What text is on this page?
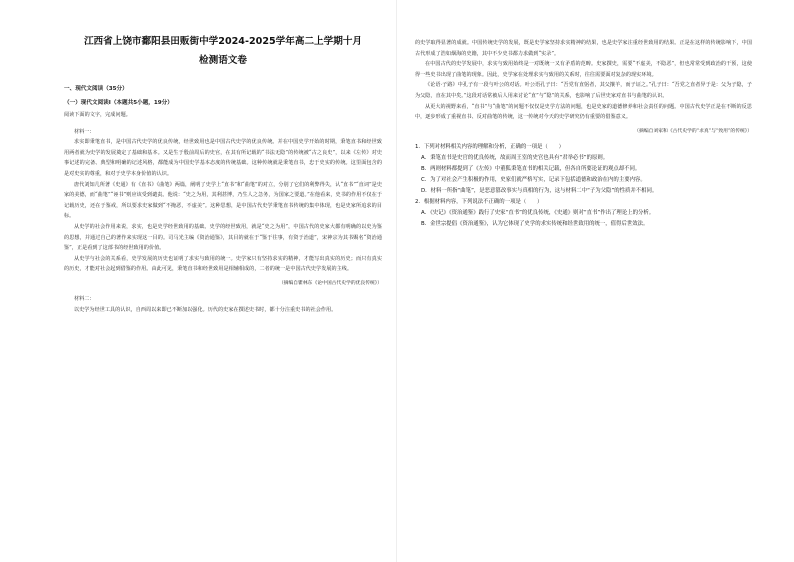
江西省上饶市鄱阳县田贩街中学2024-2025学年高二上学期十月
检测语文卷
一、现代文阅读（35分）
（一）现代文阅读Ⅰ（本题共5小题，19分）
阅读下面的文字，完成问题。
材料一：
求实即秉笔直书，是中国古代史学的优良传统，经世致用也是中国古代史学的优良传统。并在中国史学开始的时期，秉笔直书和经世致用两者就为史学的发展奠定了基础和基本。又是生于殷前周后的史官，在其有所记载的“书法无隐”的传统被“古之良史”，以来《左传》对史事记述的完备、典型和明确的记述风格，都能成为中国史学基本态度的传统基础。这种传统就是秉笔直书，忠于史实的传统。这里面包含的是对史实的尊重，和对于史学本身价值的认识。
唐代刘知几所著《史通》有《直书》《曲笔》两篇，阐明了史学上“直书”和“曲笔”的对立，分别了它们的利弊得失，认“直书”“直词”是史家的美德，而“曲笔”“诬书”则应该受到谴责。他说：“史之为用，其利甚博，乃生人之急务，为国家之要道。”在他看来，史书的作用不仅在于记载历史，还在于鉴戒，所以要求史家做到“不掩恶，不虚美”。这种思想，是中国古代史学秉笔直书传统的集中体现，也是史家所追求的目标。
从史学的社会作用来说，求实，也是史学经世致用的基础。史学的经世致用，就是“史之为用”，中国古代的史家大都有明确的以史为鉴的思想，并通过自己的著作来实现这一目的。司马光主编《资治通鉴》，其目的就在于“鉴于往事，有资于治道”，宋神宗为其书赐名“资治通鉴”，正是看到了这部书的经世致用的价值。
从史学与社会的关系看，史学发展的历史也证明了求实与致用的统一。史学家只有坚持求实的精神，才能写出真实的历史；而只有真实的历史，才能对社会起到借鉴的作用。由此可见，秉笔直书和经世致用是相辅相成的，二者的统一是中国古代史学发展的主线。
（摘编自瞿林东《论中国古代史学的优良传统》）
材料二：
以史学为经世工具的认识，自西周以来即已不断加以强化。历代的史家在撰述史书时，都十分注重史书的社会作用。
的史学取得显著的成就。中国传统史学的发展，既是史学家坚持求实精神的结果，也是史学家注重经世致用的结果。正是在这样的传统影响下，中国古代形成了浩如烟海的史籍，其中不少史书都力求做到“实录”。
在中国古代的史学发展中，求实与致用始终是一对既统一又有矛盾的范畴。史家撰史，需要“不虚美，不隐恶”，但也常常受到政治的干预，这使得一些史书出现了曲笔的现象。因此，史学家在处理求实与致用的关系时，往往需要面对复杂的现实环境。
《论语·子路》中孔子有一段与叶公的对话。叶公语孔子曰：“吾党有直躬者，其父攘羊，而子证之。”孔子曰：“吾党之直者异于是：父为子隐，子为父隐，直在其中矣。”这段对话常被后人用来讨论“直”与“隐”的关系，也影响了后世史家对直书与曲笔的认识。
从更大的视野来看，“直书”与“曲笔”的问题不仅仅是史学方法的问题，也是史家的道德修养和社会责任的问题。中国古代史学正是在不断的反思中，逐步形成了重视直书、反对曲笔的传统，这一传统对今天的史学研究仍有重要的借鉴意义。
（摘编自刘家和《古代史学的“求真”与“致用”的传统》）
1．下列对材料相关内容的理解和分析，正确的一项是（　　）
A．秉笔直书是史官的优良传统，故而周王室的史官也具有“君举必书”的原则。
B．两则材料都提到了《左传》中董狐秉笔直书的相关记载，但各自所要论证的观点却不同。
C．为了对社会产生积极的作用，史家们就严格写实，记录下包括道德和政治在内的主要内容。
D．材料一所指“曲笔”，是恶意篡改事实与真相的行为，这与材料二中“子为父隐”的性质并不相同。
2．根据材料内容，下列说法不正确的一项是（　　）
A．《史记》《资治通鉴》践行了史家“直书”的优良传统，《史通》则对“直书”作出了理论上的分析。
B．金世宗提倡《资治通鉴》，认为它体现了史学的求实传统和经世致用的统一，值得后世效法。
